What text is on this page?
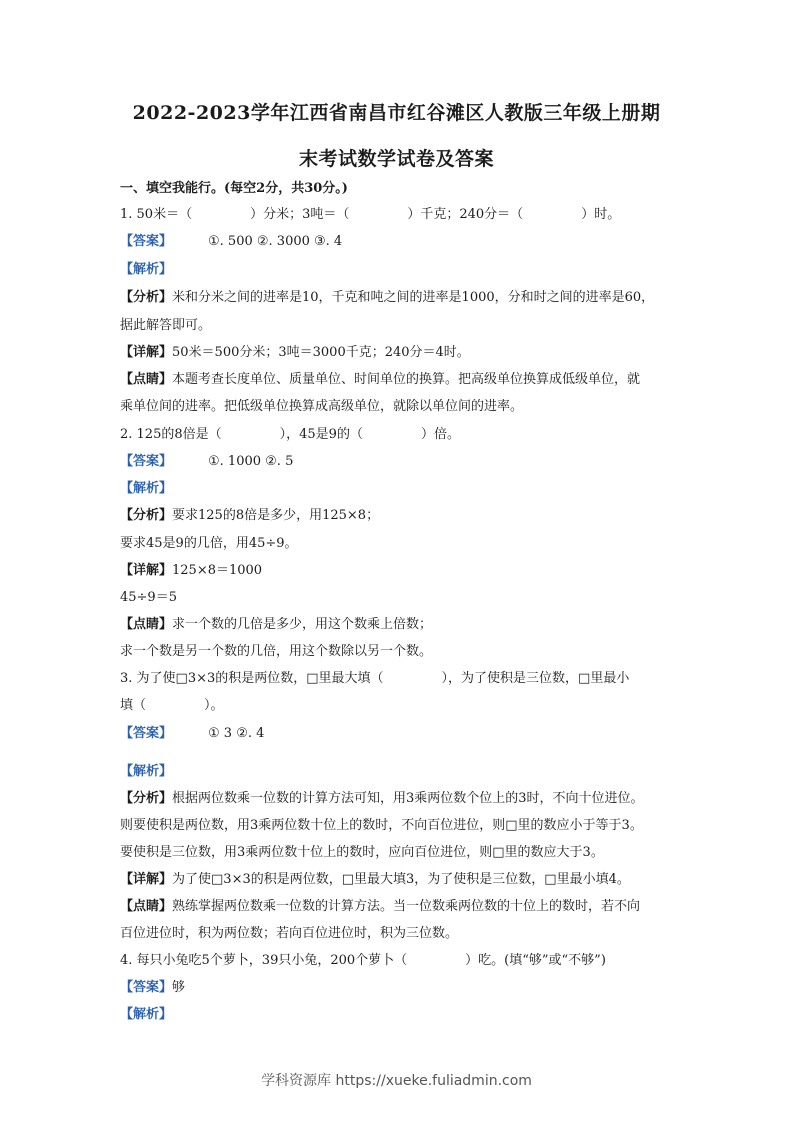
2022-2023学年江西省南昌市红谷滩区人教版三年级上册期
末考试数学试卷及答案
一、填空我能行。(每空2分，共30分。)
1. 50米＝（	）分米；3吨＝（	）千克；240分＝（	）时。
【答案】	①. 500 ②. 3000 ③. 4
【解析】
【分析】米和分米之间的进率是10，千克和吨之间的进率是1000，分和时之间的进率是60，
据此解答即可。
【详解】50米＝500分米；3吨＝3000千克；240分＝4时。
【点睛】本题考查长度单位、质量单位、时间单位的换算。把高级单位换算成低级单位，就
乘单位间的进率。把低级单位换算成高级单位，就除以单位间的进率。
2. 125的8倍是（	），45是9的（	）倍。
【答案】	①. 1000 ②. 5
【解析】
【分析】要求125的8倍是多少，用125×8；
要求45是9的几倍，用45÷9。
【详解】125×8＝1000
45÷9＝5
【点睛】求一个数的几倍是多少，用这个数乘上倍数；
求一个数是另一个数的几倍，用这个数除以另一个数。
3. 为了使□3×3的积是两位数，□里最大填（	），为了使积是三位数，□里最小
填（	）。
【答案】	① 3 ②. 4
【解析】
【分析】根据两位数乘一位数的计算方法可知，用3乘两位数个位上的3时，不向十位进位。
则要使积是两位数，用3乘两位数十位上的数时，不向百位进位，则□里的数应小于等于3。
要使积是三位数，用3乘两位数十位上的数时，应向百位进位，则□里的数应大于3。
【详解】为了使□3×3的积是两位数，□里最大填3，为了使积是三位数，□里最小填4。
【点睛】熟练掌握两位数乘一位数的计算方法。当一位数乘两位数的十位上的数时，若不向
百位进位时，积为两位数；若向百位进位时，积为三位数。
4. 每只小兔吃5个萝卜，39只小兔，200个萝卜（	）吃。(填“够”或“不够”)
【答案】够
【解析】
学科资源库 https://xueke.fuliadmin.com
